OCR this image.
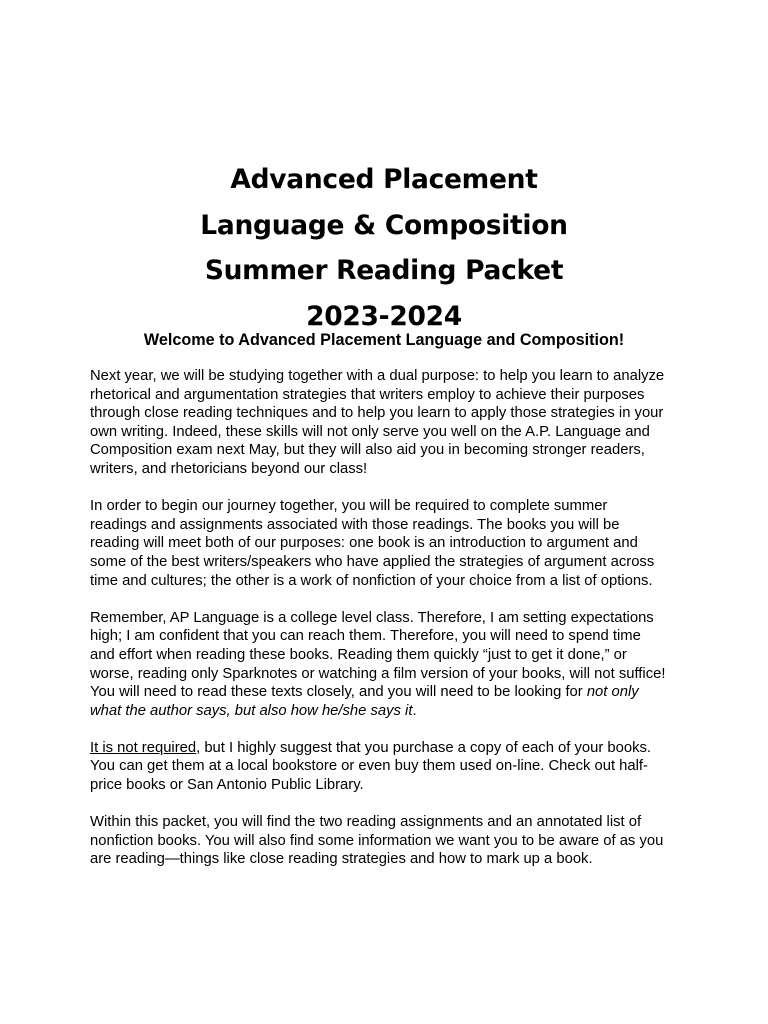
Advanced Placement
Language & Composition
Summer Reading Packet
2023-2024
Welcome to Advanced Placement Language and Composition!
Next year, we will be studying together with a dual purpose: to help you learn to analyze
rhetorical and argumentation strategies that writers employ to achieve their purposes
through close reading techniques and to help you learn to apply those strategies in your
own writing. Indeed, these skills will not only serve you well on the A.P. Language and
Composition exam next May, but they will also aid you in becoming stronger readers,
writers, and rhetoricians beyond our class!
In order to begin our journey together, you will be required to complete summer
readings and assignments associated with those readings. The books you will be
reading will meet both of our purposes: one book is an introduction to argument and
some of the best writers/speakers who have applied the strategies of argument across
time and cultures; the other is a work of nonfiction of your choice from a list of options.
Remember, AP Language is a college level class. Therefore, I am setting expectations
high; I am confident that you can reach them. Therefore, you will need to spend time
and effort when reading these books. Reading them quickly “just to get it done,” or
worse, reading only Sparknotes or watching a film version of your books, will not suffice!
You will need to read these texts closely, and you will need to be looking for not only
what the author says, but also how he/she says it.
It is not required, but I highly suggest that you purchase a copy of each of your books.
You can get them at a local bookstore or even buy them used on-line. Check out half-
price books or San Antonio Public Library.
Within this packet, you will find the two reading assignments and an annotated list of
nonfiction books. You will also find some information we want you to be aware of as you
are reading—things like close reading strategies and how to mark up a book.
